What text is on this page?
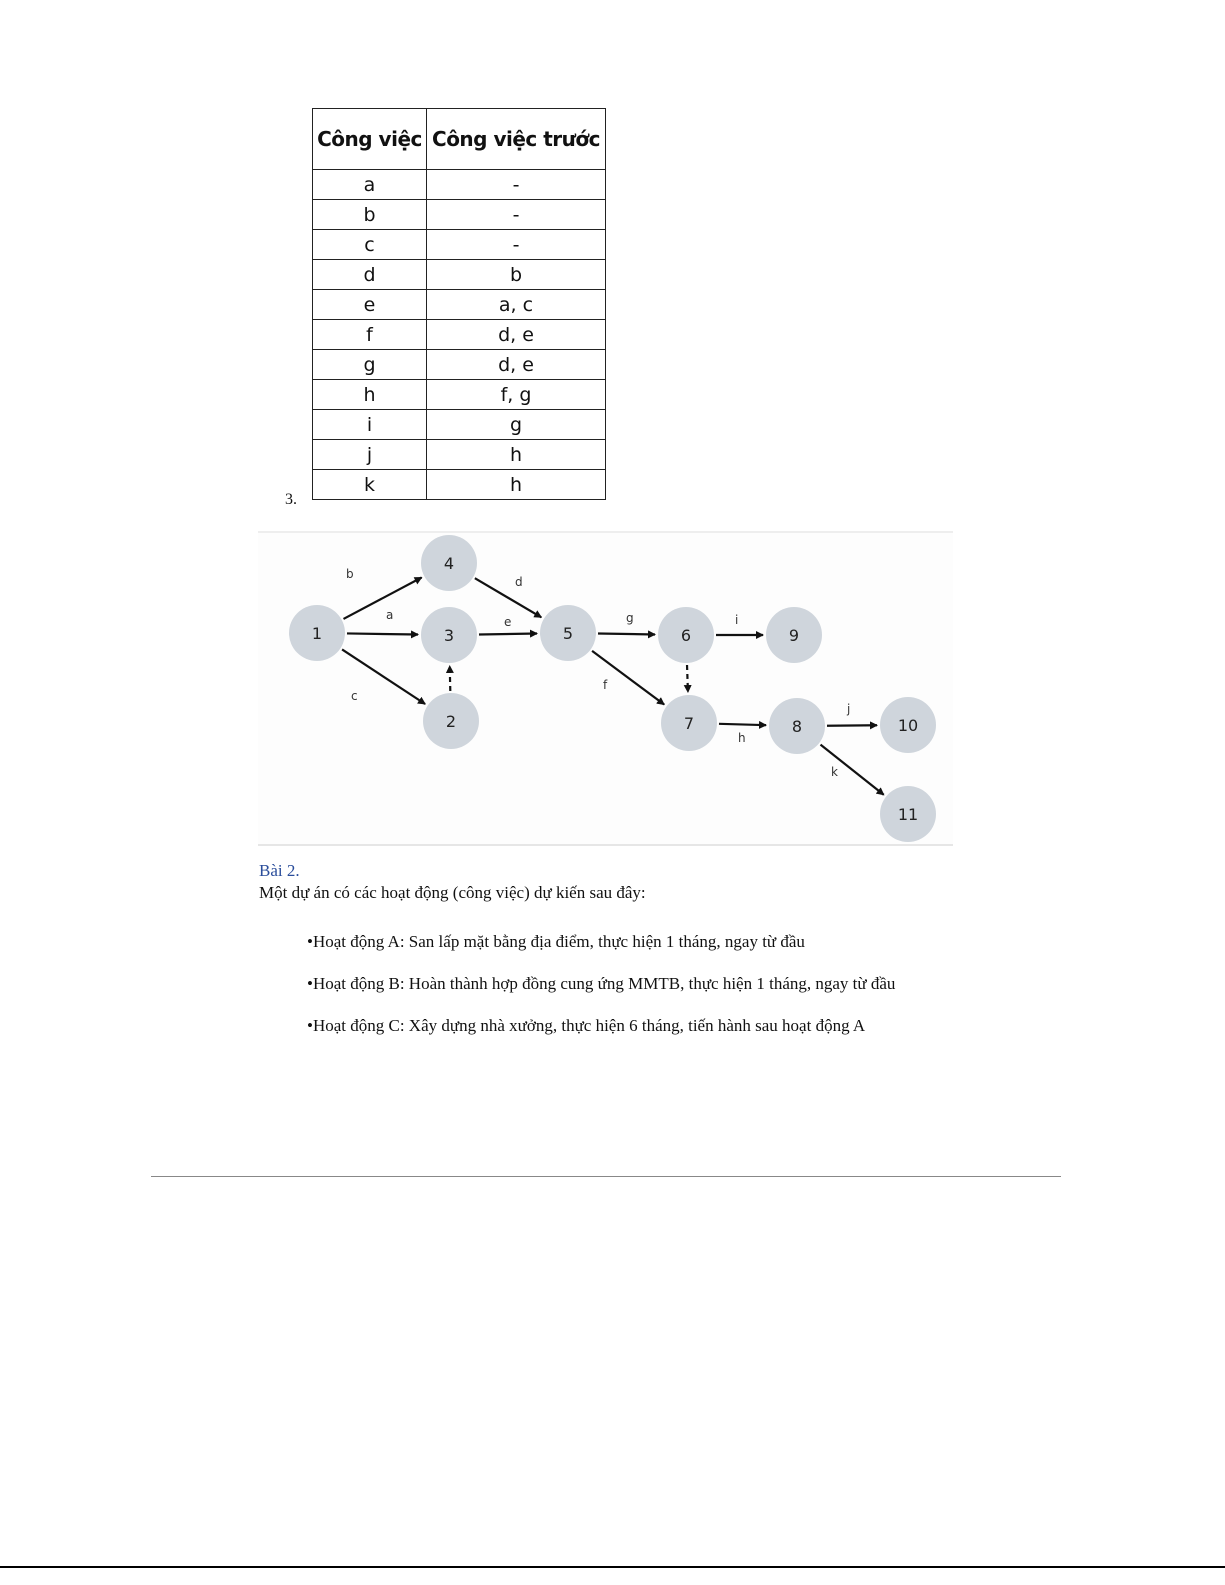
3.
Công việc	Công việc trước
a	-
b	-
c	-
d	b
e	a, c
f	d, e
g	d, e
h	f, g
i	g
j	h
k	h
b
a
c
d
e	g
f
i
h
j
k
1
2
3
4
5	6
7	8
9
10
11
Bài 2.
Một dự án có các hoạt động (công việc) dự kiến sau đây:
•Hoạt động A: San lấp mặt bằng địa điểm, thực hiện 1 tháng, ngay từ đầu
•Hoạt động B: Hoàn thành hợp đồng cung ứng MMTB, thực hiện 1 tháng, ngay từ đầu
•Hoạt động C: Xây dựng nhà xưởng, thực hiện 6 tháng, tiến hành sau hoạt động A
